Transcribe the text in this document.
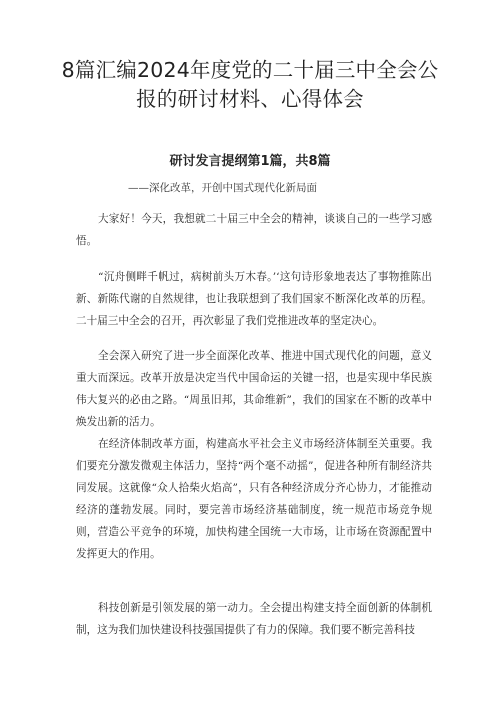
8篇汇编2024年度党的二十届三中全会公
报的研讨材料、心得体会
研讨发言提纲第1篇，共8篇
——深化改革，开创中国式现代化新局面

大家好！今天，我想就二十届三中全会的精神，谈谈自己的一些学习感悟。

“沉舟侧畔千帆过，病树前头万木春。’‘这句诗形象地表达了事物推陈出新、新陈代谢的自然规律，也让我联想到了我们国家不断深化改革的历程。二十届三中全会的召开，再次彰显了我们党推进改革的坚定决心。

全会深入研究了进一步全面深化改革、推进中国式现代化的问题，意义重大而深远。改革开放是决定当代中国命运的关键一招，也是实现中华民族伟大复兴的必由之路。“周虽旧邦，其命维新”，我们的国家在不断的改革中焕发出新的活力。

在经济体制改革方面，构建高水平社会主义市场经济体制至关重要。我们要充分激发微观主体活力，坚持“两个毫不动摇”，促进各种所有制经济共同发展。这就像“众人拾柴火焰高”，只有各种经济成分齐心协力，才能推动经济的蓬勃发展。同时，要完善市场经济基础制度，统一规范市场竞争规则，营造公平竞争的环境，加快构建全国统一大市场，让市场在资源配置中发挥更大的作用。

科技创新是引领发展的第一动力。全会提出构建支持全面创新的体制机制，这为我们加快建设科技强国提供了有力的保障。我们要不断完善科技
